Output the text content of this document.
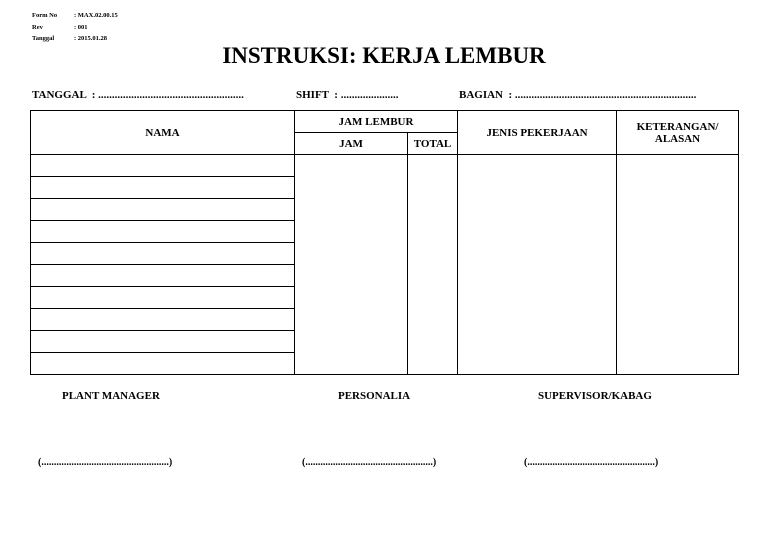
Form No	: MAX.02.00.15
Rev	: 001
Tanggal	: 2015.01.28
INSTRUKSI: KERJA LEMBUR
TANGGAL  : .....................................................	SHIFT  : .....................	BAGIAN  : ..................................................................
NAMA	JAM LEMBUR		JENIS PEKERJAAN	KETERANGAN/ ALASAN
	JAM	TOTAL		

PLANT MANAGER	PERSONALIA	SUPERVISOR/KABAG
(...................................................)	(...................................................)	(...................................................)
